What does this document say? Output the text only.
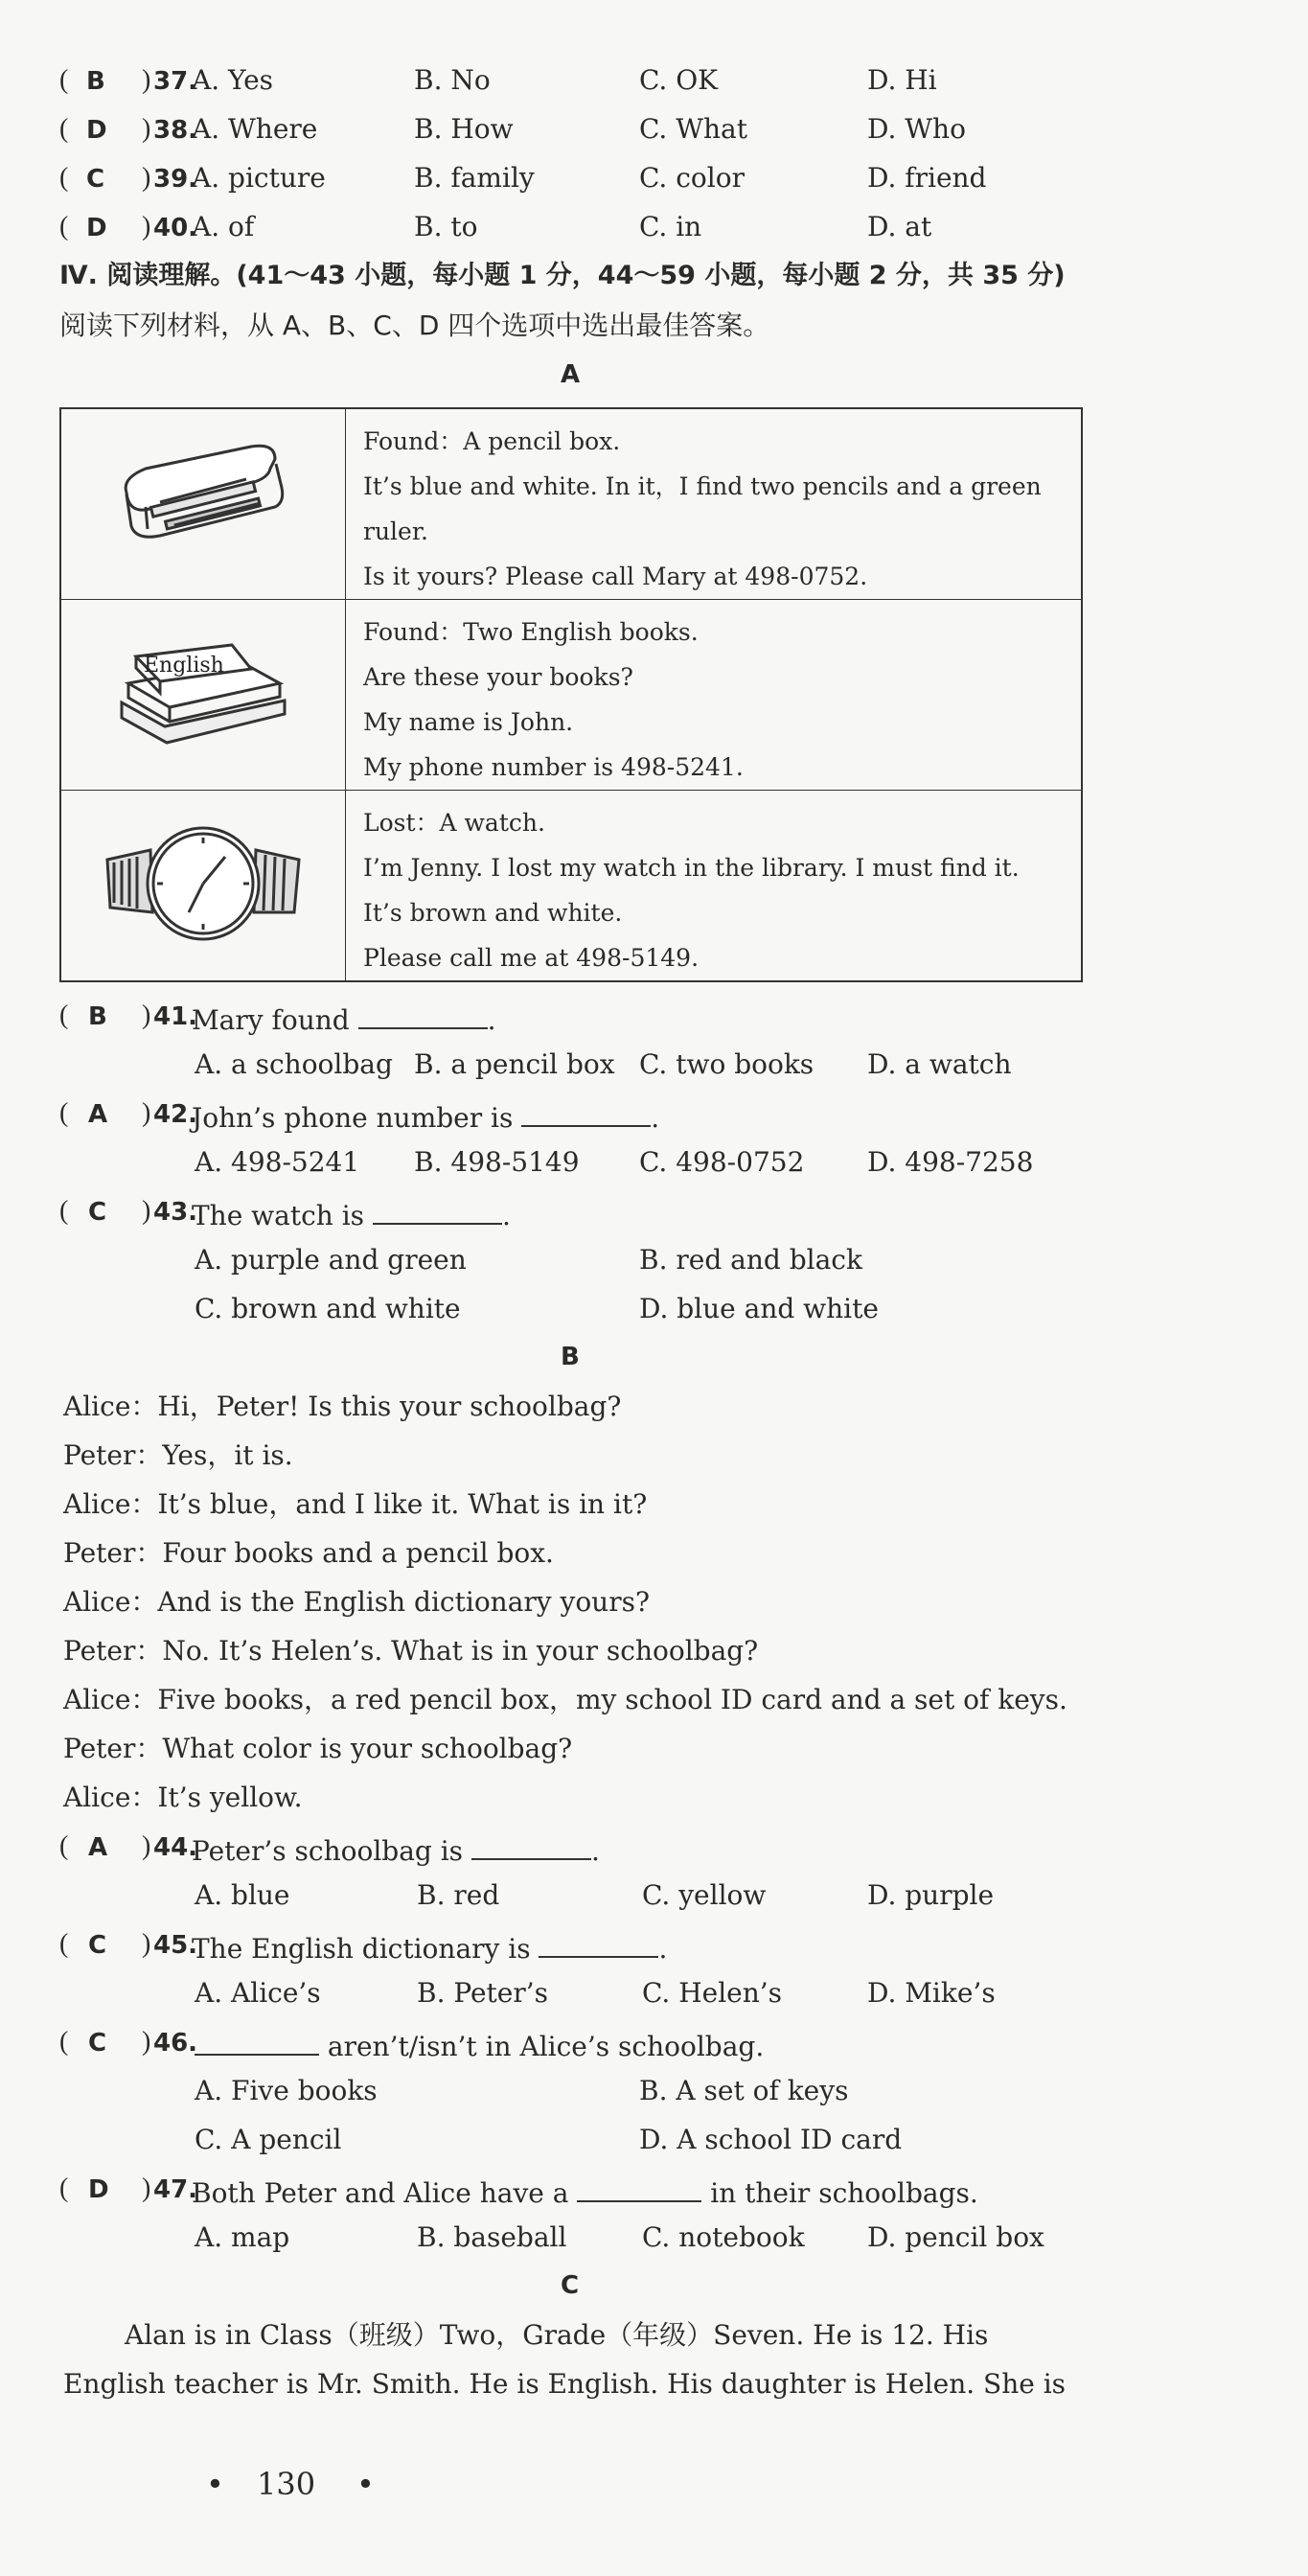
( B ) 37.
A. Yes	B. No	C. OK	D. Hi
( D ) 38.
A. Where	B. How	C. What	D. Who
( C ) 39.
A. picture	B. family	C. color	D. friend
( D ) 40.
A. of	B. to	C. in	D. at
Ⅳ. 阅读理解。(41～43 小题，每小题 1 分，44～59 小题，每小题 2 分，共 35 分)
阅读下列材料，从 A、B、C、D 四个选项中选出最佳答案。
A

Found：A pencil box.
It’s blue and white. In it，I find two pencils and a green
ruler.
Is it yours? Please call Mary at 498-0752.

English	Found：Two English books.
Are these your books?
My name is John.
My phone number is 498-5241.

Lost：A watch.
I’m Jenny. I lost my watch in the library. I must find it.
It’s brown and white.
Please call me at 498-5149.
( B ) 41.
Mary found	.
A. a schoolbag B. a pencil box C. two books D. a watch
( A ) 42.
John’s phone number is	.
A. 498-5241 B. 498-5149 C. 498-0752 D. 498-7258
( C ) 43.
The watch is	.
A. purple and green	B. red and black
C. brown and white	D. blue and white
B
Alice：Hi，Peter! Is this your schoolbag?
Peter：Yes，it is.
Alice：It’s blue，and I like it. What is in it?
Peter：Four books and a pencil box.
Alice：And is the English dictionary yours?
Peter：No. It’s Helen’s. What is in your schoolbag?
Alice：Five books，a red pencil box，my school ID card and a set of keys.
Peter：What color is your schoolbag?
Alice：It’s yellow.
( A ) 44.
Peter’s schoolbag is	.
A. blue	B. red	C. yellow	D. purple
( C ) 45.
The English dictionary is	.
A. Alice’s	B. Peter’s	C. Helen’s	D. Mike’s
( C ) 46.	aren’t/isn’t in Alice’s schoolbag.
A. Five books	B. A set of keys
C. A pencil	D. A school ID card
( D ) 47.
Both Peter and Alice have a	in their schoolbags.
A. map	B. baseball	C. notebook D. pencil box
C
Alan is in Class（班级）Two，Grade（年级）Seven. He is 12. His
English teacher is Mr. Smith. He is English. His daughter is Helen. She is
• 130 •
